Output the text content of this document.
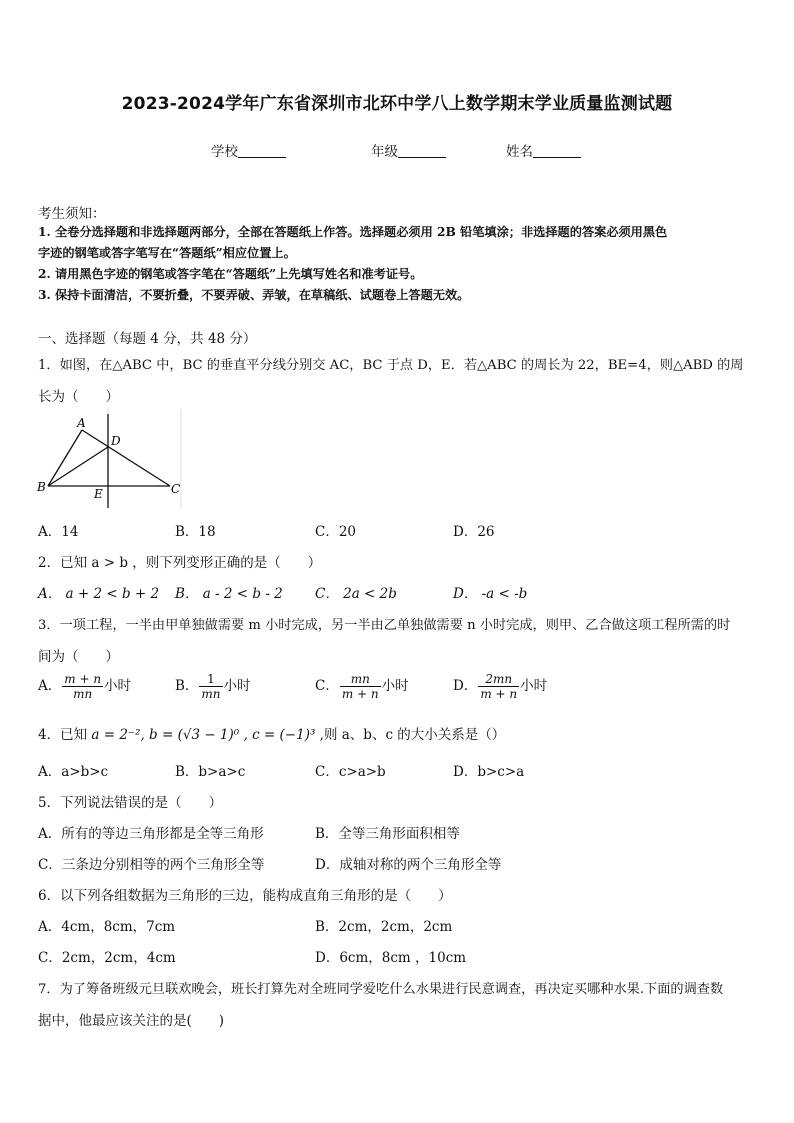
2023-2024学年广东省深圳市北环中学八上数学期末学业质量监测试题
学校	年级	姓名
考生须知：
1. 全卷分选择题和非选择题两部分，全部在答题纸上作答。选择题必须用 2B 铅笔填涂；非选择题的答案必须用黑色
字迹的钢笔或答字笔写在“答题纸”相应位置上。
2. 请用黑色字迹的钢笔或答字笔在“答题纸”上先填写姓名和准考证号。
3. 保持卡面清洁，不要折叠，不要弄破、弄皱，在草稿纸、试题卷上答题无效。
一、选择题（每题 4 分，共 48 分）
1．如图，在△ABC 中，BC 的垂直平分线分别交 AC，BC 于点 D，E．若△ABC 的周长为 22，BE=4，则△ABD 的周
长为（　　）
A
D
B	C
E
A．14	B．18	C．20	D．26
2．已知 a > b ，则下列变形正确的是（　　）
A． a + 2 < b + 2 B． a - 2 < b - 2 C． 2a < 2b	D． -a < -b
3．一项工程，一半由甲单独做需要 m 小时完成，另一半由乙单独做需要 n 小时完成，则甲、乙合做这项工程所需的时
间为（　　）
A． $\frac{m + n}{mn}$ 小时	B． $\frac{1}{mn}$ 小时	C． $\frac{mn}{m + n}$ 小时	D． $\frac{2mn}{m + n}$ 小时
4．已知 a = 2⁻², b = (√3 − 1)⁰ , c = (−1)³ ,则 a、b、c 的大小关系是（）
A．a>b>c	B．b>a>c	C．c>a>b	D．b>c>a
5．下列说法错误的是（　　）
A．所有的等边三角形都是全等三角形	B．全等三角形面积相等
C．三条边分别相等的两个三角形全等	D．成轴对称的两个三角形全等
6．以下列各组数据为三角形的三边，能构成直角三角形的是（　　）
A．4cm，8cm，7cm	B．2cm，2cm，2cm
C．2cm，2cm，4cm	D．6cm，8cm ，10cm
7．为了筹备班级元旦联欢晚会，班长打算先对全班同学爱吃什么水果进行民意调查，再决定买哪种水果.下面的调查数
据中，他最应该关注的是(　　)
